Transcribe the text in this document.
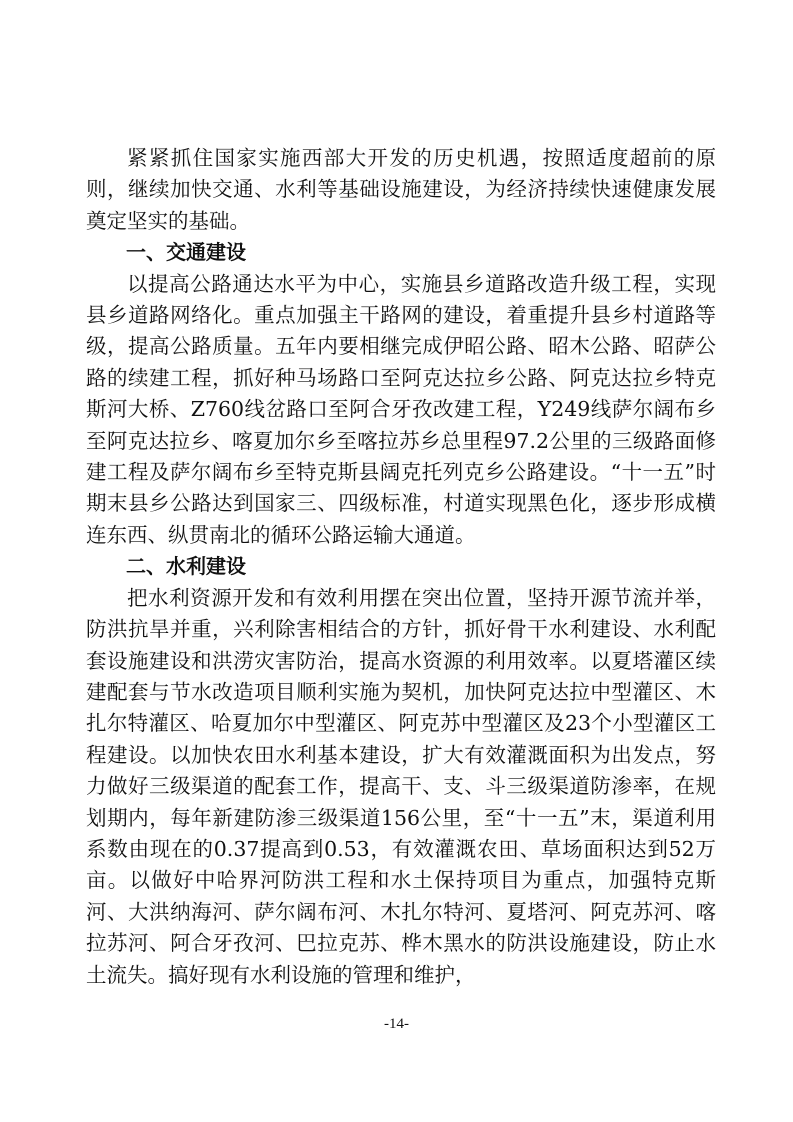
紧紧抓住国家实施西部大开发的历史机遇，按照适度超前的原则，继续加快交通、水利等基础设施建设，为经济持续快速健康发展奠定坚实的基础。

一、交通建设

以提高公路通达水平为中心，实施县乡道路改造升级工程，实现县乡道路网络化。重点加强主干路网的建设，着重提升县乡村道路等级，提高公路质量。五年内要相继完成伊昭公路、昭木公路、昭萨公路的续建工程，抓好种马场路口至阿克达拉乡公路、阿克达拉乡特克斯河大桥、Z760线岔路口至阿合牙孜改建工程，Y249线萨尔阔布乡至阿克达拉乡、喀夏加尔乡至喀拉苏乡总里程97.2公里的三级路面修建工程及萨尔阔布乡至特克斯县阔克托列克乡公路建设。“十一五”时期末县乡公路达到国家三、四级标准，村道实现黑色化，逐步形成横连东西、纵贯南北的循环公路运输大通道。

二、水利建设

把水利资源开发和有效利用摆在突出位置，坚持开源节流并举，防洪抗旱并重，兴利除害相结合的方针，抓好骨干水利建设、水利配套设施建设和洪涝灾害防治，提高水资源的利用效率。以夏塔灌区续建配套与节水改造项目顺利实施为契机，加快阿克达拉中型灌区、木扎尔特灌区、哈夏加尔中型灌区、阿克苏中型灌区及23个小型灌区工程建设。以加快农田水利基本建设，扩大有效灌溉面积为出发点，努力做好三级渠道的配套工作，提高干、支、斗三级渠道防渗率，在规划期内，每年新建防渗三级渠道156公里，至“十一五”末，渠道利用系数由现在的0.37提高到0.53，有效灌溉农田、草场面积达到52万亩。以做好中哈界河防洪工程和水土保持项目为重点，加强特克斯河、大洪纳海河、萨尔阔布河、木扎尔特河、夏塔河、阿克苏河、喀拉苏河、阿合牙孜河、巴拉克苏、桦木黑水的防洪设施建设，防止水土流失。搞好现有水利设施的管理和维护，

-14-
